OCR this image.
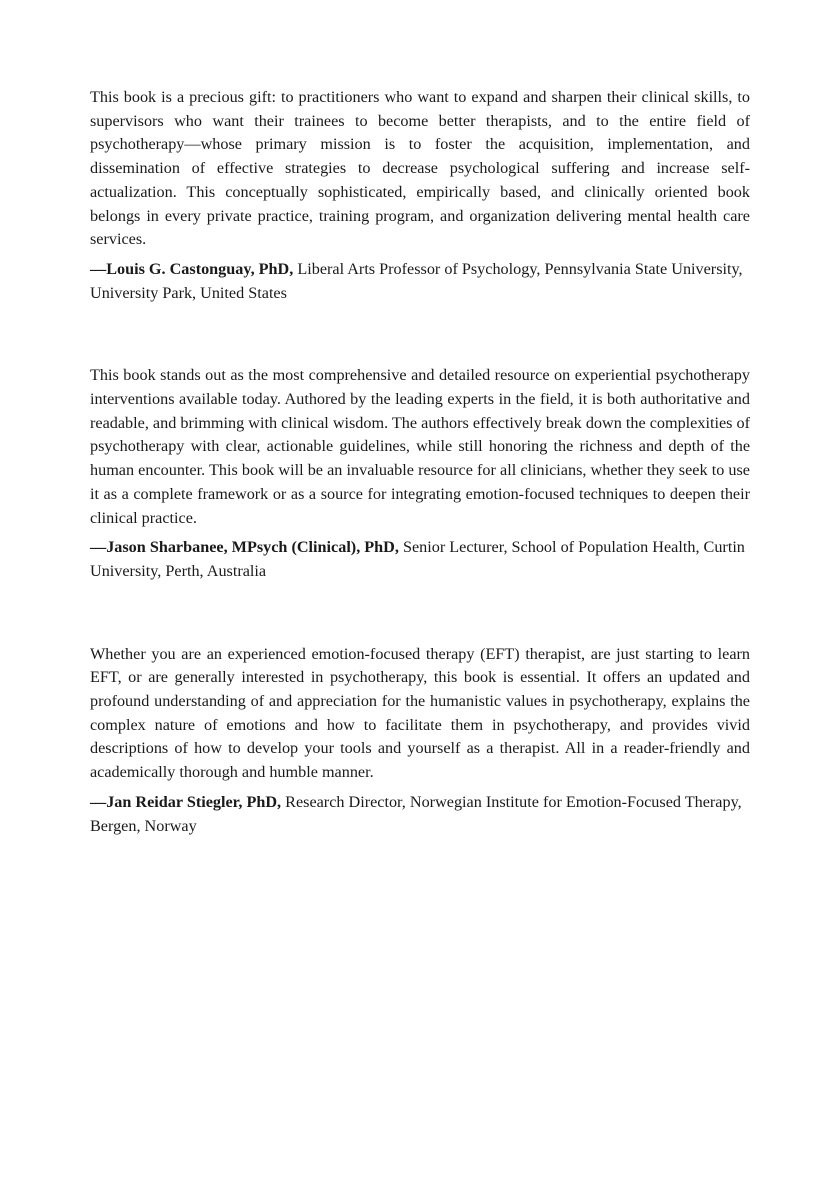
This book is a precious gift: to practitioners who want to expand and sharpen their clinical skills, to supervisors who want their trainees to become better therapists, and to the entire field of psychotherapy—whose primary mission is to foster the acquisition, implementation, and dissemination of effective strategies to decrease psychological suffering and increase self-actualization. This conceptually sophisticated, empirically based, and clinically oriented book belongs in every private practice, training program, and organization delivering mental health care services.

—Louis G. Castonguay, PhD, Liberal Arts Professor of Psychology, Pennsylvania State University, University Park, United States

This book stands out as the most comprehensive and detailed resource on experiential psychotherapy interventions available today. Authored by the leading experts in the field, it is both authoritative and readable, and brimming with clinical wisdom. The authors effectively break down the complexities of psychotherapy with clear, actionable guidelines, while still honoring the richness and depth of the human encounter. This book will be an invaluable resource for all clinicians, whether they seek to use it as a complete framework or as a source for integrating emotion-focused techniques to deepen their clinical practice.

—Jason Sharbanee, MPsych (Clinical), PhD, Senior Lecturer, School of Population Health, Curtin University, Perth, Australia

Whether you are an experienced emotion-focused therapy (EFT) therapist, are just starting to learn EFT, or are generally interested in psychotherapy, this book is essential. It offers an updated and profound understanding of and appreciation for the humanistic values in psychotherapy, explains the complex nature of emotions and how to facilitate them in psychotherapy, and provides vivid descriptions of how to develop your tools and yourself as a therapist. All in a reader-friendly and academically thorough and humble manner.

—Jan Reidar Stiegler, PhD, Research Director, Norwegian Institute for Emotion-Focused Therapy, Bergen, Norway
